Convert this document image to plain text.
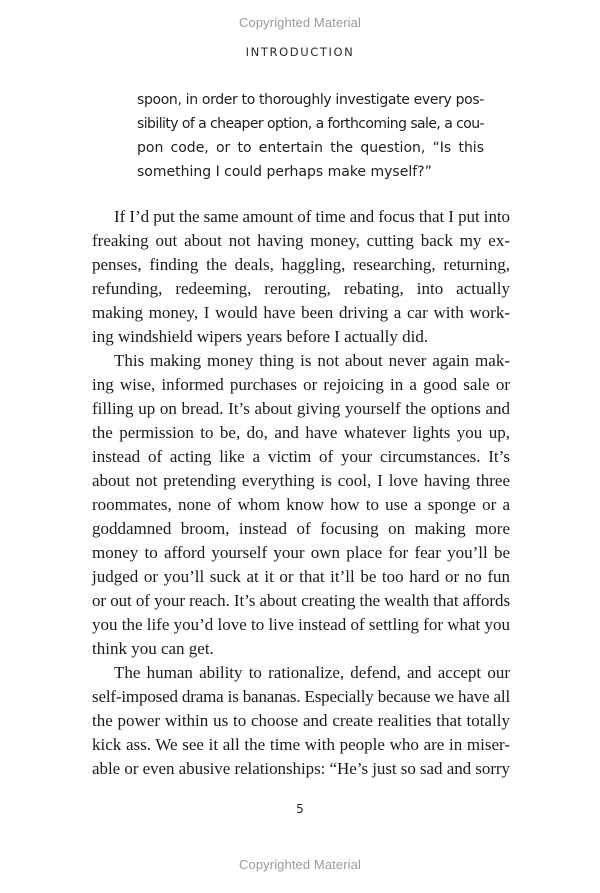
Copyrighted Material
INTRODUCTION
spoon, in order to thoroughly investigate every pos-
sibility of a cheaper option, a forthcoming sale, a cou-
pon code, or to entertain the question, “Is this
something I could perhaps make myself?”
If I’d put the same amount of time and focus that I put into
freaking out about not having money, cutting back my ex-
penses, finding the deals, haggling, researching, returning,
refunding, redeeming, rerouting, rebating, into actually
making money, I would have been driving a car with work-
ing windshield wipers years before I actually did.
This making money thing is not about never again mak-
ing wise, informed purchases or rejoicing in a good sale or
filling up on bread. It’s about giving yourself the options and
the permission to be, do, and have whatever lights you up,
instead of acting like a victim of your circumstances. It’s
about not pretending everything is cool, I love having three
roommates, none of whom know how to use a sponge or a
goddamned broom, instead of focusing on making more
money to afford yourself your own place for fear you’ll be
judged or you’ll suck at it or that it’ll be too hard or no fun
or out of your reach. It’s about creating the wealth that affords
you the life you’d love to live instead of settling for what you
think you can get.
The human ability to rationalize, defend, and accept our
self-imposed drama is bananas. Especially because we have all
the power within us to choose and create realities that totally
kick ass. We see it all the time with people who are in miser-
able or even abusive relationships: “He’s just so sad and sorry
5
Copyrighted Material
